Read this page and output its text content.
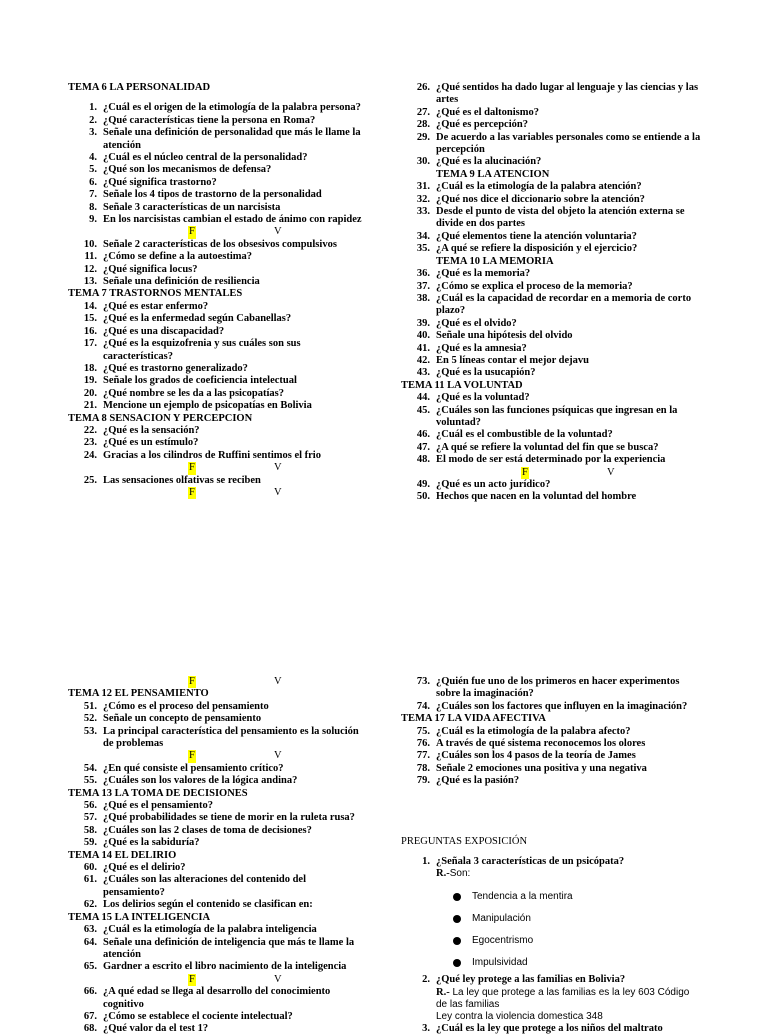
TEMA 6 LA PERSONALIDAD
1. ¿Cuál es el origen de la etimología de la palabra persona?
2. ¿Qué características tiene la persona en Roma?
3. Señale una definición de personalidad que más le llame la atención
4. ¿Cuál es el núcleo central de la personalidad?
5. ¿Qué son los mecanismos de defensa?
6. ¿Qué significa trastorno?
7. Señale los 4 tipos de trastorno de la personalidad
8. Señale 3 características de un narcisista
9. En los narcisistas cambian el estado de ánimo con rapidez
F	V
10. Señale 2 características de los obsesivos compulsivos
11. ¿Cómo se define a la autoestima?
12. ¿Qué significa locus?
13. Señale una definición de resiliencia
TEMA 7 TRASTORNOS MENTALES
14. ¿Qué es estar enfermo?
15. ¿Qué es la enfermedad según Cabanellas?
16. ¿Qué es una discapacidad?
17. ¿Qué es la esquizofrenia y sus cuáles son sus características?
18. ¿Qué es trastorno generalizado?
19. Señale los grados de coeficiencia intelectual
20. ¿Qué nombre se les da a las psicopatías?
21. Mencione un ejemplo de psicopatías en Bolivia
TEMA 8 SENSACION Y PERCEPCION
22. ¿Qué es la sensación?
23. ¿Qué es un estímulo?
24. Gracias a los cilindros de Ruffini sentimos el frio
F	V
25. Las sensaciones olfativas se reciben
F	V
26. ¿Qué sentidos ha dado lugar al lenguaje y las ciencias y las artes
27. ¿Qué es el daltonismo?
28. ¿Qué es percepción?
29. De acuerdo a las variables personales como se entiende a la percepción
30. ¿Qué es la alucinación?
TEMA 9 LA ATENCION
31. ¿Cuál es la etimología de la palabra atención?
32. ¿Qué nos dice el diccionario sobre la atención?
33. Desde el punto de vista del objeto la atención externa se divide en dos partes
34. ¿Qué elementos tiene la atención voluntaria?
35. ¿A qué se refiere la disposición y el ejercicio?
TEMA 10 LA MEMORIA
36. ¿Qué es la memoria?
37. ¿Cómo se explica el proceso de la memoria?
38. ¿Cuál es la capacidad de recordar en a memoria de corto plazo?
39. ¿Qué es el olvido?
40. Señale una hipótesis del olvido
41. ¿Qué es la amnesia?
42. En 5 líneas contar el mejor dejavu
43. ¿Qué es la usucapión?
TEMA 11 LA VOLUNTAD
44. ¿Qué es la voluntad?
45. ¿Cuáles son las funciones psíquicas que ingresan en la voluntad?
46. ¿Cuál es el combustible de la voluntad?
47. ¿A qué se refiere la voluntad del fin que se busca?
48. El modo de ser está determinado por la experiencia
F	V
49. ¿Qué es un acto jurídico?
50. Hechos que nacen en la voluntad del hombre
F	V
TEMA 12 EL PENSAMIENTO
51. ¿Cómo es el proceso del pensamiento
52. Señale un concepto de pensamiento
53. La principal característica del pensamiento es la solución de problemas
F	V
54. ¿En qué consiste el pensamiento crítico?
55. ¿Cuáles son los valores de la lógica andina?
TEMA 13 LA TOMA DE DECISIONES
56. ¿Qué es el pensamiento?
57. ¿Qué probabilidades se tiene de morir en la ruleta rusa?
58. ¿Cuáles son las 2 clases de toma de decisiones?
59. ¿Qué es la sabiduría?
TEMA 14 EL DELIRIO
60. ¿Qué es el delirio?
61. ¿Cuáles son las alteraciones del contenido del pensamiento?
62. Los delirios según el contenido se clasifican en:
TEMA 15 LA INTELIGENCIA
63. ¿Cuál es la etimología de la palabra inteligencia
64. Señale una definición de inteligencia que más te llame la atención
65. Gardner a escrito el libro nacimiento de la inteligencia
F	V
66. ¿A qué edad se llega al desarrollo del conocimiento cognitivo
67. ¿Cómo se establece el cociente intelectual?
68. ¿Qué valor da el test 1?
73. ¿Quién fue uno de los primeros en hacer experimentos sobre la imaginación?
74. ¿Cuáles son los factores que influyen en la imaginación?
TEMA 17 LA VIDA AFECTIVA
75. ¿Cuál es la etimología de la palabra afecto?
76. A través de qué sistema reconocemos los olores
77. ¿Cuáles son los 4 pasos de la teoría de James
78. Señale 2 emociones una positiva y una negativa
79. ¿Qué es la pasión?
PREGUNTAS EXPOSICIÓN
1. ¿Señala 3 características de un psicópata?
R.-Son:
Tendencia a la mentira
Manipulación
Egocentrismo
Impulsividad
2. ¿Qué ley protege a las familias en Bolivia?
R.- La ley que protege a las familias es la ley 603 Código de las familias
Ley contra la violencia domestica 348
3. ¿Cuál es la ley que protege a los niños del maltrato
